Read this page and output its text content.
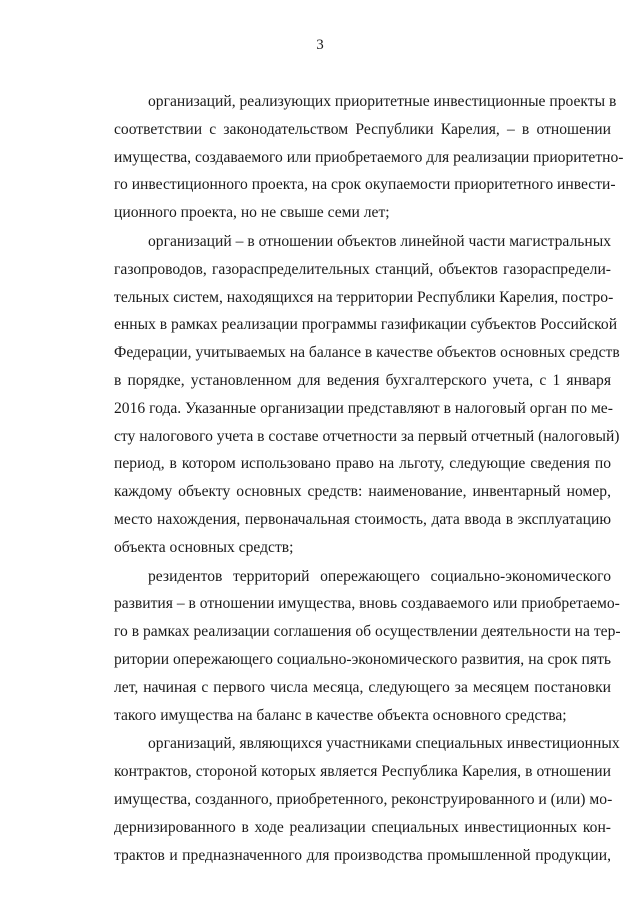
3
организаций, реализующих приоритетные инвестиционные проекты в
соответствии с законодательством Республики Карелия, – в отношении
имущества, создаваемого или приобретаемого для реализации приоритетно-
го инвестиционного проекта, на срок окупаемости приоритетного инвести-
ционного проекта, но не свыше семи лет;
организаций – в отношении объектов линейной части магистральных
газопроводов, газораспределительных станций, объектов газораспредели-
тельных систем, находящихся на территории Республики Карелия, постро-
енных в рамках реализации программы газификации субъектов Российской
Федерации, учитываемых на балансе в качестве объектов основных средств
в порядке, установленном для ведения бухгалтерского учета, с 1 января
2016 года. Указанные организации представляют в налоговый орган по ме-
сту налогового учета в составе отчетности за первый отчетный (налоговый)
период, в котором использовано право на льготу, следующие сведения по
каждому объекту основных средств: наименование, инвентарный номер,
место нахождения, первоначальная стоимость, дата ввода в эксплуатацию
объекта основных средств;
резидентов территорий опережающего социально-экономического
развития – в отношении имущества, вновь создаваемого или приобретаемо-
го в рамках реализации соглашения об осуществлении деятельности на тер-
ритории опережающего социально-экономического развития, на срок пять
лет, начиная с первого числа месяца, следующего за месяцем постановки
такого имущества на баланс в качестве объекта основного средства;
организаций, являющихся участниками специальных инвестиционных
контрактов, стороной которых является Республика Карелия, в отношении
имущества, созданного, приобретенного, реконструированного и (или) мо-
дернизированного в ходе реализации специальных инвестиционных кон-
трактов и предназначенного для производства промышленной продукции,
